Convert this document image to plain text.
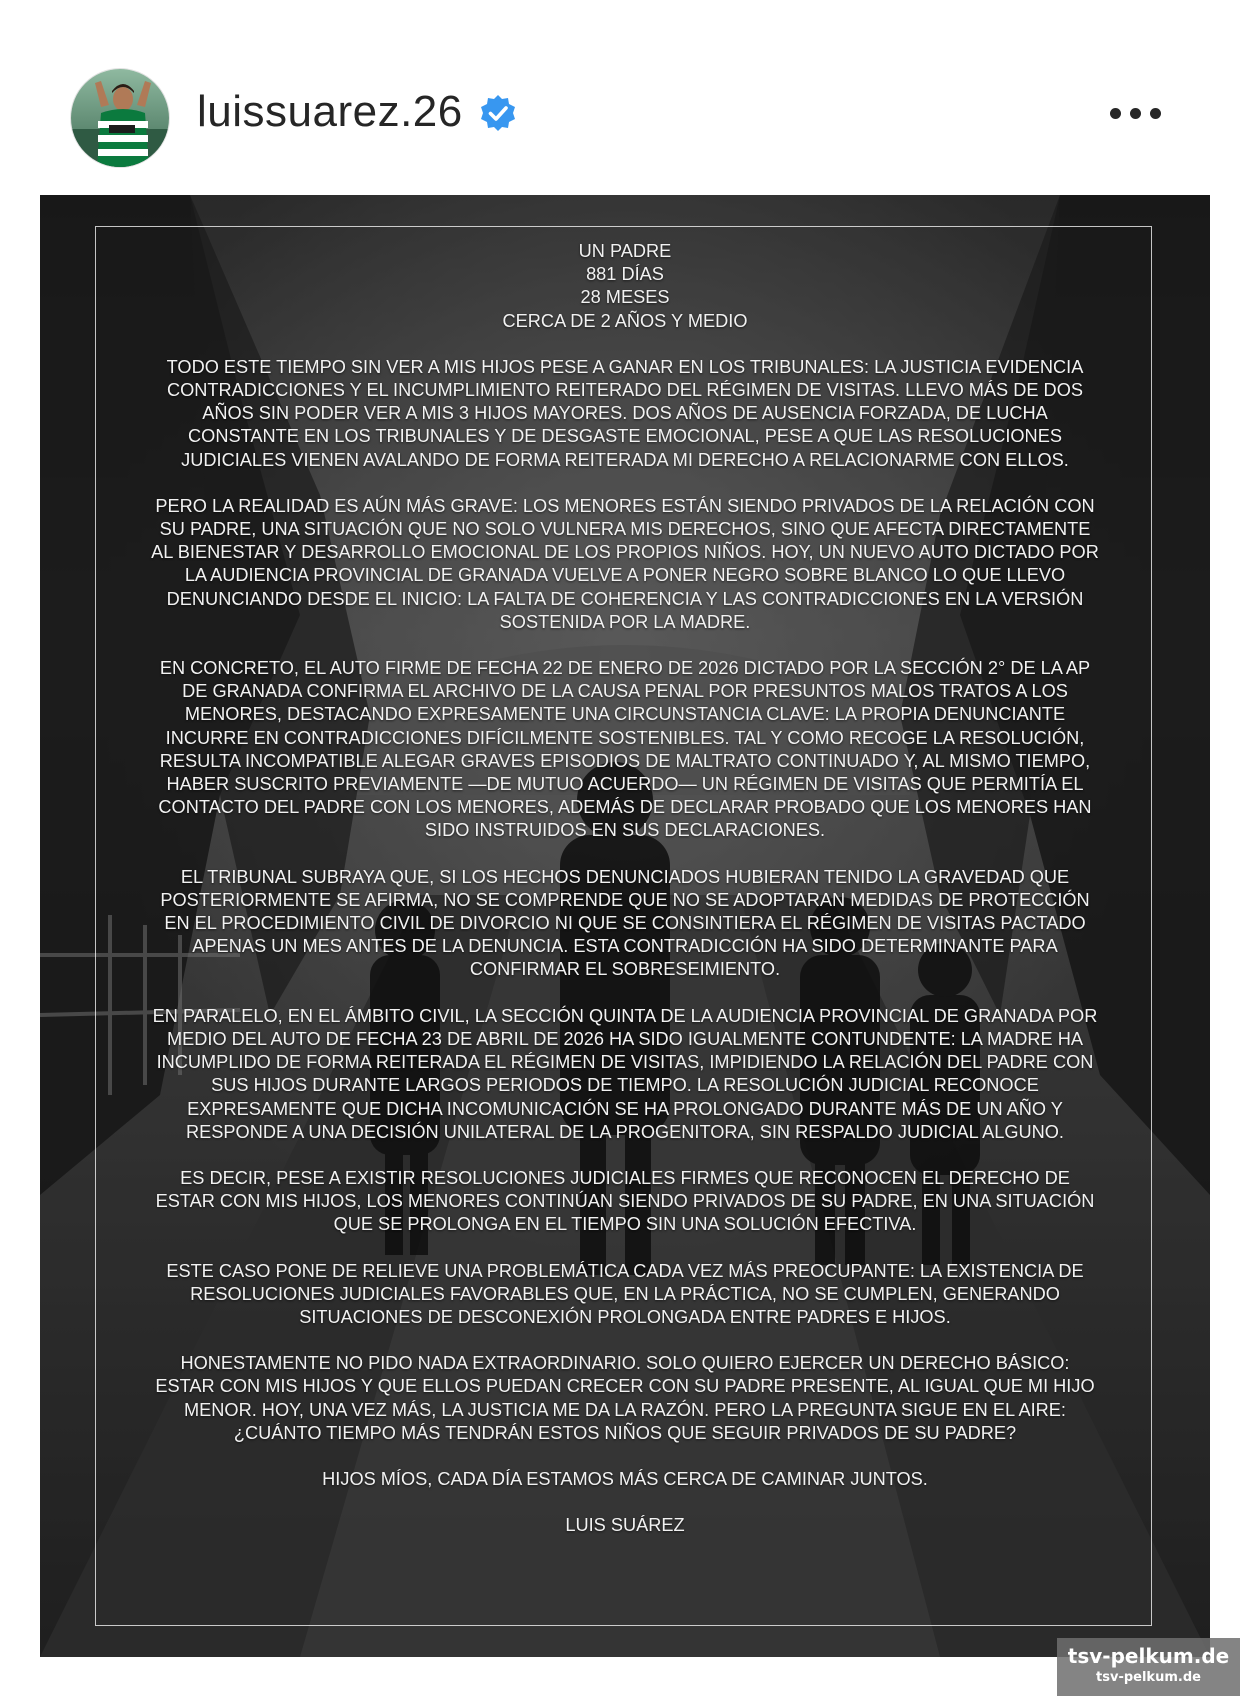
luissuarez.26
UN PADRE
881 DÍAS
28 MESES
CERCA DE 2 AÑOS Y MEDIO

TODO ESTE TIEMPO SIN VER A MIS HIJOS PESE A GANAR EN LOS TRIBUNALES: LA JUSTICIA EVIDENCIA CONTRADICCIONES Y EL INCUMPLIMIENTO REITERADO DEL RÉGIMEN DE VISITAS. LLEVO MÁS DE DOS AÑOS SIN PODER VER A MIS 3 HIJOS MAYORES. DOS AÑOS DE AUSENCIA FORZADA, DE LUCHA CONSTANTE EN LOS TRIBUNALES Y DE DESGASTE EMOCIONAL, PESE A QUE LAS RESOLUCIONES JUDICIALES VIENEN AVALANDO DE FORMA REITERADA MI DERECHO A RELACIONARME CON ELLOS.

PERO LA REALIDAD ES AÚN MÁS GRAVE: LOS MENORES ESTÁN SIENDO PRIVADOS DE LA RELACIÓN CON SU PADRE, UNA SITUACIÓN QUE NO SOLO VULNERA MIS DERECHOS, SINO QUE AFECTA DIRECTAMENTE AL BIENESTAR Y DESARROLLO EMOCIONAL DE LOS PROPIOS NIÑOS. HOY, UN NUEVO AUTO DICTADO POR LA AUDIENCIA PROVINCIAL DE GRANADA VUELVE A PONER NEGRO SOBRE BLANCO LO QUE LLEVO DENUNCIANDO DESDE EL INICIO: LA FALTA DE COHERENCIA Y LAS CONTRADICCIONES EN LA VERSIÓN SOSTENIDA POR LA MADRE.

EN CONCRETO, EL AUTO FIRME DE FECHA 22 DE ENERO DE 2026 DICTADO POR LA SECCIÓN 2° DE LA AP DE GRANADA CONFIRMA EL ARCHIVO DE LA CAUSA PENAL POR PRESUNTOS MALOS TRATOS A LOS MENORES, DESTACANDO EXPRESAMENTE UNA CIRCUNSTANCIA CLAVE: LA PROPIA DENUNCIANTE INCURRE EN CONTRADICCIONES DIFÍCILMENTE SOSTENIBLES. TAL Y COMO RECOGE LA RESOLUCIÓN, RESULTA INCOMPATIBLE ALEGAR GRAVES EPISODIOS DE MALTRATO CONTINUADO Y, AL MISMO TIEMPO, HABER SUSCRITO PREVIAMENTE —DE MUTUO ACUERDO— UN RÉGIMEN DE VISITAS QUE PERMITÍA EL CONTACTO DEL PADRE CON LOS MENORES, ADEMÁS DE DECLARAR PROBADO QUE LOS MENORES HAN SIDO INSTRUIDOS EN SUS DECLARACIONES.

EL TRIBUNAL SUBRAYA QUE, SI LOS HECHOS DENUNCIADOS HUBIERAN TENIDO LA GRAVEDAD QUE POSTERIORMENTE SE AFIRMA, NO SE COMPRENDE QUE NO SE ADOPTARAN MEDIDAS DE PROTECCIÓN EN EL PROCEDIMIENTO CIVIL DE DIVORCIO NI QUE SE CONSINTIERA EL RÉGIMEN DE VISITAS PACTADO APENAS UN MES ANTES DE LA DENUNCIA. ESTA CONTRADICCIÓN HA SIDO DETERMINANTE PARA CONFIRMAR EL SOBRESEIMIENTO.

EN PARALELO, EN EL ÁMBITO CIVIL, LA SECCIÓN QUINTA DE LA AUDIENCIA PROVINCIAL DE GRANADA POR MEDIO DEL AUTO DE FECHA 23 DE ABRIL DE 2026 HA SIDO IGUALMENTE CONTUNDENTE: LA MADRE HA INCUMPLIDO DE FORMA REITERADA EL RÉGIMEN DE VISITAS, IMPIDIENDO LA RELACIÓN DEL PADRE CON SUS HIJOS DURANTE LARGOS PERIODOS DE TIEMPO. LA RESOLUCIÓN JUDICIAL RECONOCE EXPRESAMENTE QUE DICHA INCOMUNICACIÓN SE HA PROLONGADO DURANTE MÁS DE UN AÑO Y RESPONDE A UNA DECISIÓN UNILATERAL DE LA PROGENITORA, SIN RESPALDO JUDICIAL ALGUNO.

ES DECIR, PESE A EXISTIR RESOLUCIONES JUDICIALES FIRMES QUE RECONOCEN EL DERECHO DE ESTAR CON MIS HIJOS, LOS MENORES CONTINÚAN SIENDO PRIVADOS DE SU PADRE, EN UNA SITUACIÓN QUE SE PROLONGA EN EL TIEMPO SIN UNA SOLUCIÓN EFECTIVA.

ESTE CASO PONE DE RELIEVE UNA PROBLEMÁTICA CADA VEZ MÁS PREOCUPANTE: LA EXISTENCIA DE RESOLUCIONES JUDICIALES FAVORABLES QUE, EN LA PRÁCTICA, NO SE CUMPLEN, GENERANDO SITUACIONES DE DESCONEXIÓN PROLONGADA ENTRE PADRES E HIJOS.

HONESTAMENTE NO PIDO NADA EXTRAORDINARIO. SOLO QUIERO EJERCER UN DERECHO BÁSICO: ESTAR CON MIS HIJOS Y QUE ELLOS PUEDAN CRECER CON SU PADRE PRESENTE, AL IGUAL QUE MI HIJO MENOR. HOY, UNA VEZ MÁS, LA JUSTICIA ME DA LA RAZÓN. PERO LA PREGUNTA SIGUE EN EL AIRE: ¿CUÁNTO TIEMPO MÁS TENDRÁN ESTOS NIÑOS QUE SEGUIR PRIVADOS DE SU PADRE?

HIJOS MÍOS, CADA DÍA ESTAMOS MÁS CERCA DE CAMINAR JUNTOS.

LUIS SUÁREZ

tsv-pelkum.de
tsv-pelkum.de
